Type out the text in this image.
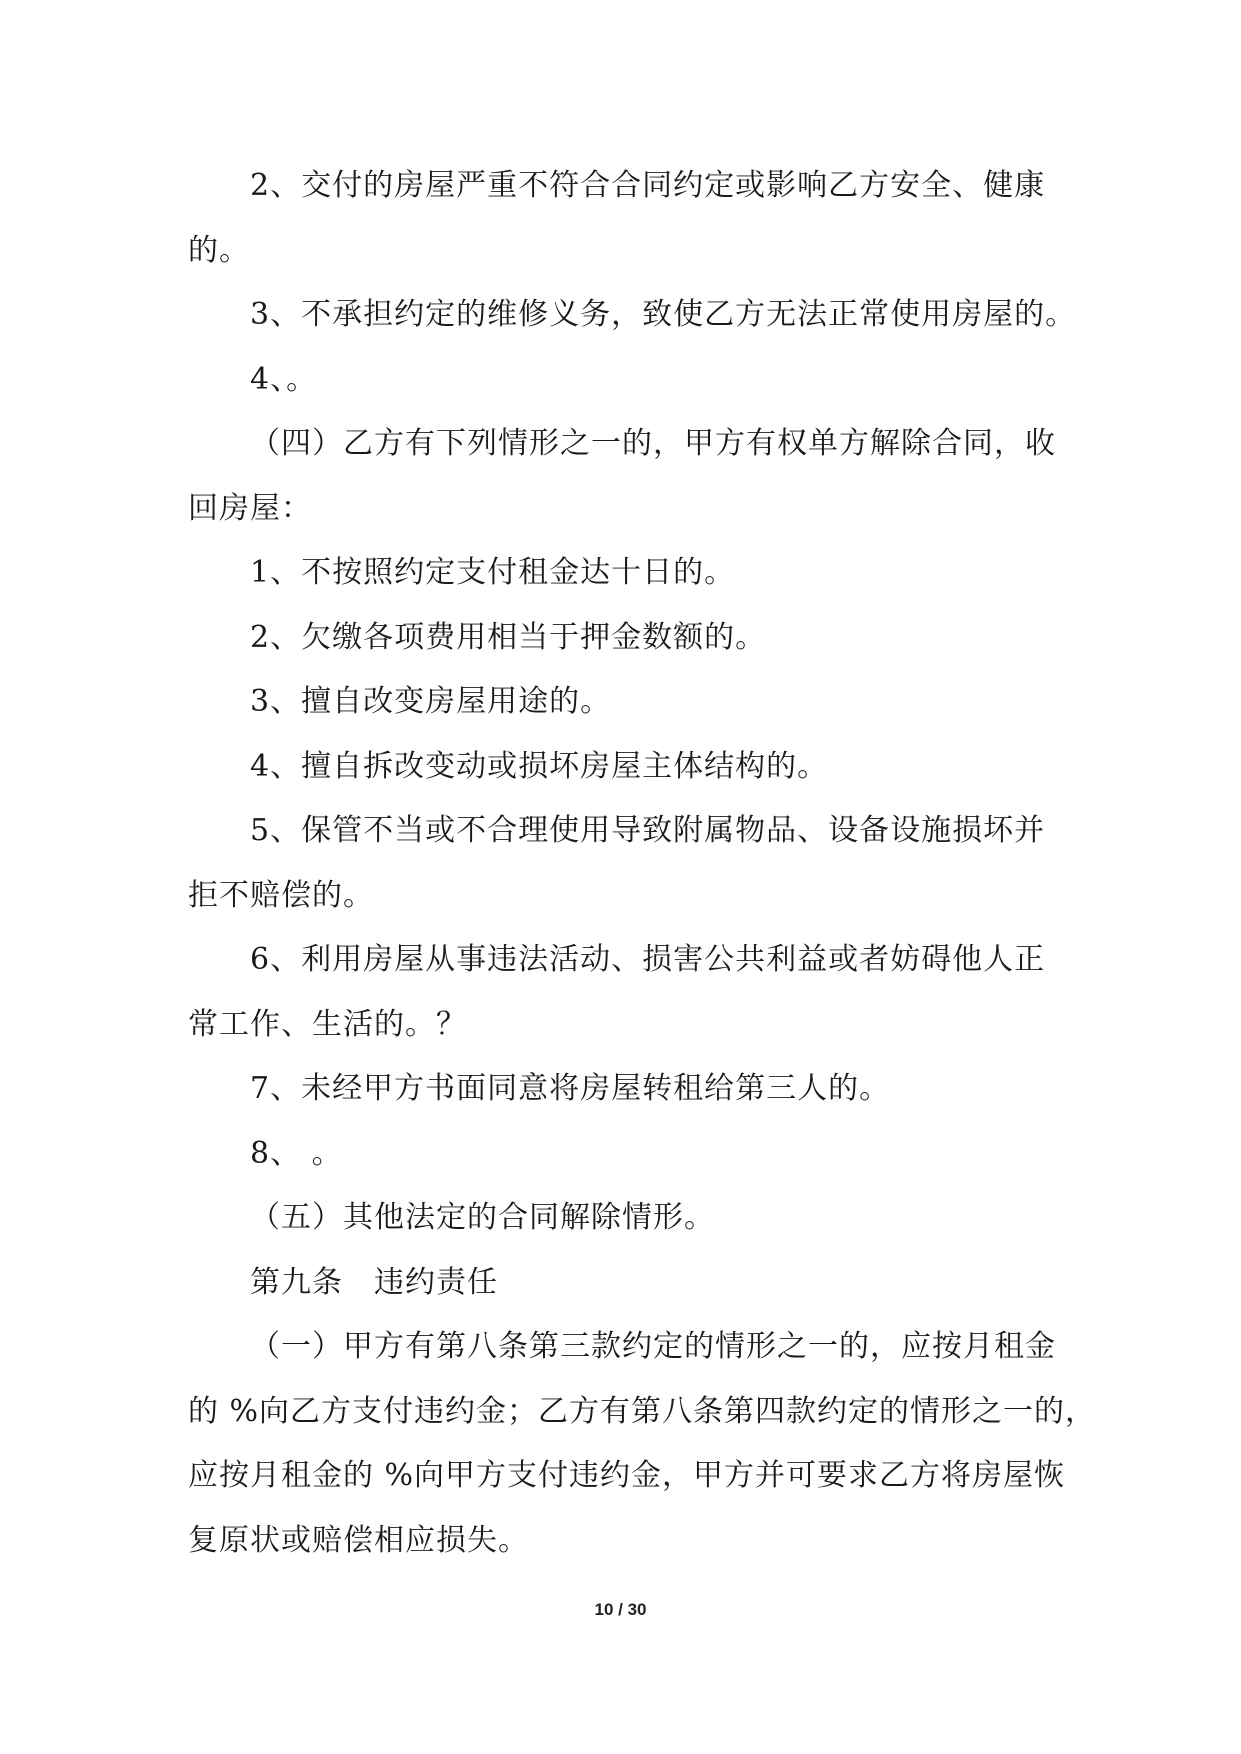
2、交付的房屋严重不符合合同约定或影响乙方安全、健康
的。
3、不承担约定的维修义务，致使乙方无法正常使用房屋的。
4、。
（四）乙方有下列情形之一的，甲方有权单方解除合同，收
回房屋：
1、不按照约定支付租金达十日的。
2、欠缴各项费用相当于押金数额的。
3、擅自改变房屋用途的。
4、擅自拆改变动或损坏房屋主体结构的。
5、保管不当或不合理使用导致附属物品、设备设施损坏并
拒不赔偿的。
6、利用房屋从事违法活动、损害公共利益或者妨碍他人正
常工作、生活的。？
7、未经甲方书面同意将房屋转租给第三人的。
8、 。
（五）其他法定的合同解除情形。
第九条　违约责任
（一）甲方有第八条第三款约定的情形之一的，应按月租金
的 %向乙方支付违约金；乙方有第八条第四款约定的情形之一的，
应按月租金的 %向甲方支付违约金，甲方并可要求乙方将房屋恢
复原状或赔偿相应损失。
10 / 30
